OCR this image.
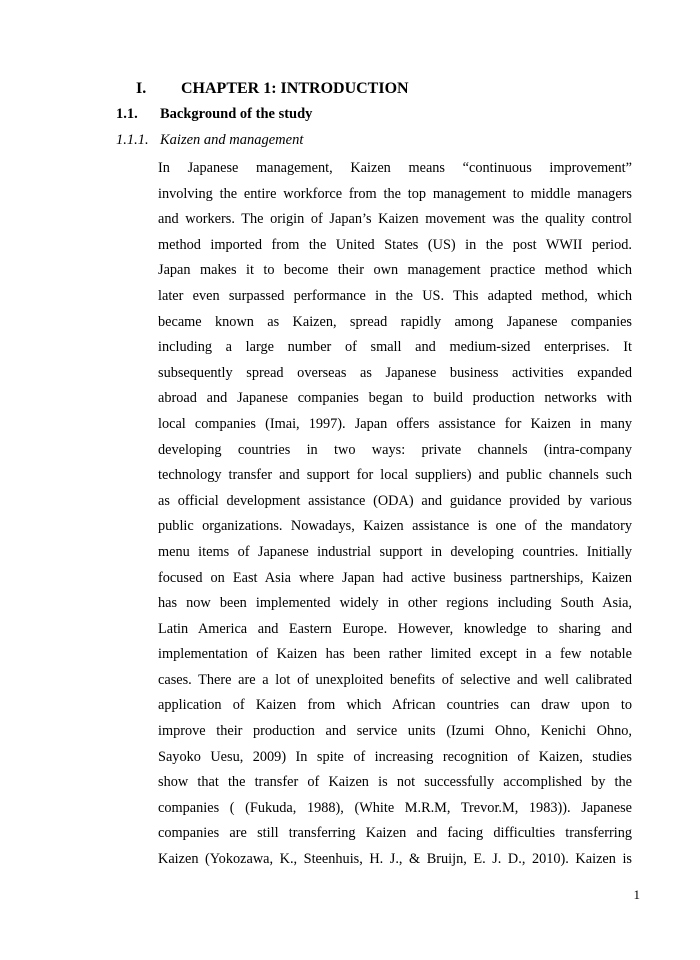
I. CHAPTER 1: INTRODUCTION
1.1. Background of the study
1.1.1. Kaizen and management
In Japanese management, Kaizen means “continuous improvement”
involving the entire workforce from the top management to middle managers
and workers. The origin of Japan’s Kaizen movement was the quality control
method imported from the United States (US) in the post WWII period.
Japan makes it to become their own management practice method which
later even surpassed performance in the US. This adapted method, which
became known as Kaizen, spread rapidly among Japanese companies
including a large number of small and medium-sized enterprises. It
subsequently spread overseas as Japanese business activities expanded
abroad and Japanese companies began to build production networks with
local companies (Imai, 1997). Japan offers assistance for Kaizen in many
developing countries in two ways: private channels (intra-company
technology transfer and support for local suppliers) and public channels such
as official development assistance (ODA) and guidance provided by various
public organizations. Nowadays, Kaizen assistance is one of the mandatory
menu items of Japanese industrial support in developing countries. Initially
focused on East Asia where Japan had active business partnerships, Kaizen
has now been implemented widely in other regions including South Asia,
Latin America and Eastern Europe. However, knowledge to sharing and
implementation of Kaizen has been rather limited except in a few notable
cases. There are a lot of unexploited benefits of selective and well calibrated
application of Kaizen from which African countries can draw upon to
improve their production and service units (Izumi Ohno, Kenichi Ohno,
Sayoko Uesu, 2009) In spite of increasing recognition of Kaizen, studies
show that the transfer of Kaizen is not successfully accomplished by the
companies ( (Fukuda, 1988), (White M.R.M, Trevor.M, 1983)). Japanese
companies are still transferring Kaizen and facing difficulties transferring
Kaizen (Yokozawa, K., Steenhuis, H. J., & Bruijn, E. J. D., 2010). Kaizen is
1
